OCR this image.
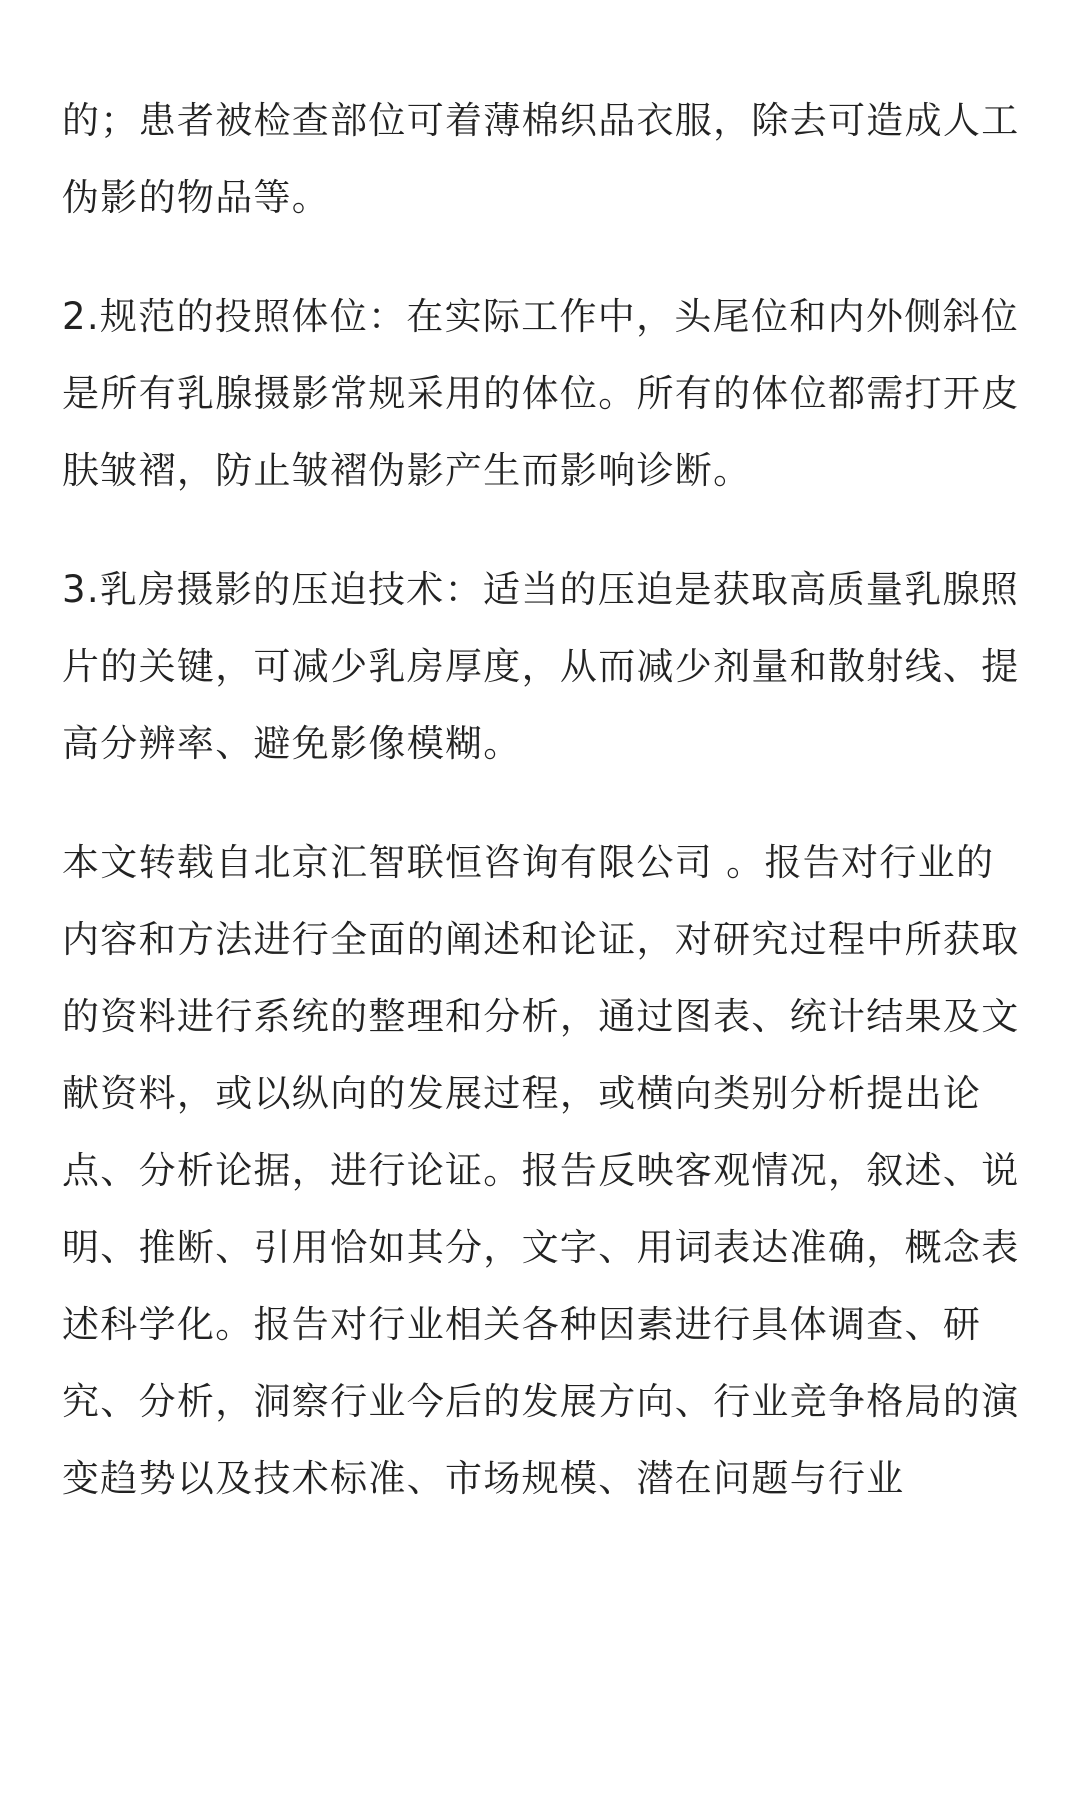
的；患者被检查部位可着薄棉织品衣服，除去可造成人工伪影的物品等。

2.规范的投照体位：在实际工作中，头尾位和内外侧斜位是所有乳腺摄影常规采用的体位。所有的体位都需打开皮肤皱褶，防止皱褶伪影产生而影响诊断。

3.乳房摄影的压迫技术：适当的压迫是获取高质量乳腺照片的关键，可减少乳房厚度，从而减少剂量和散射线、提高分辨率、避免影像模糊。

本文转载自北京汇智联恒咨询有限公司 。报告对行业的内容和方法进行全面的阐述和论证，对研究过程中所获取的资料进行系统的整理和分析，通过图表、统计结果及文献资料，或以纵向的发展过程，或横向类别分析提出论点、分析论据，进行论证。报告反映客观情况，叙述、说明、推断、引用恰如其分，文字、用词表达准确，概念表述科学化。报告对行业相关各种因素进行具体调查、研究、分析，洞察行业今后的发展方向、行业竞争格局的演变趋势以及技术标准、市场规模、潜在问题与行业
